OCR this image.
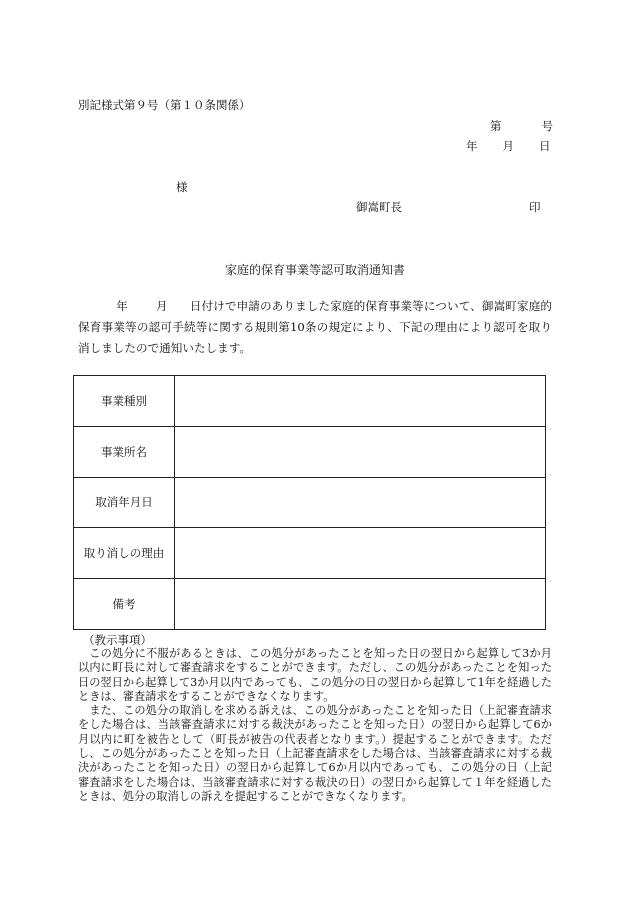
別記様式第９号（第１０条関係）
第	号
年 月 日
様
御嵩町長	印
家庭的保育事業等認可取消通知書

年 月 日付けで申請のありました家庭的保育事業等について、御嵩町家庭的保育事業等の認可手続等に関する規則第10条の規定により、下記の理由により認可を取り消しましたので通知いたします。

事業種別	
事業所名	
取消年月日	
取り消しの理由	
備考	
（教示事項）

この処分に不服があるときは、この処分があったことを知った日の翌日から起算して3か月以内に町長に対して審査請求をすることができます。ただし、この処分があったことを知った日の翌日から起算して3か月以内であっても、この処分の日の翌日から起算して1年を経過したときは、審査請求をすることができなくなります。

また、この処分の取消しを求める訴えは、この処分があったことを知った日（上記審査請求をした場合は、当該審査請求に対する裁決があったことを知った日）の翌日から起算して6か月以内に町を被告として（町長が被告の代表者となります。）提起することができます。ただし、この処分があったことを知った日（上記審査請求をした場合は、当該審査請求に対する裁決があったことを知った日）の翌日から起算して6か月以内であっても、この処分の日（上記審査請求をした場合は、当該審査請求に対する裁決の日）の翌日から起算して１年を経過したときは、処分の取消しの訴えを提起することができなくなります。
